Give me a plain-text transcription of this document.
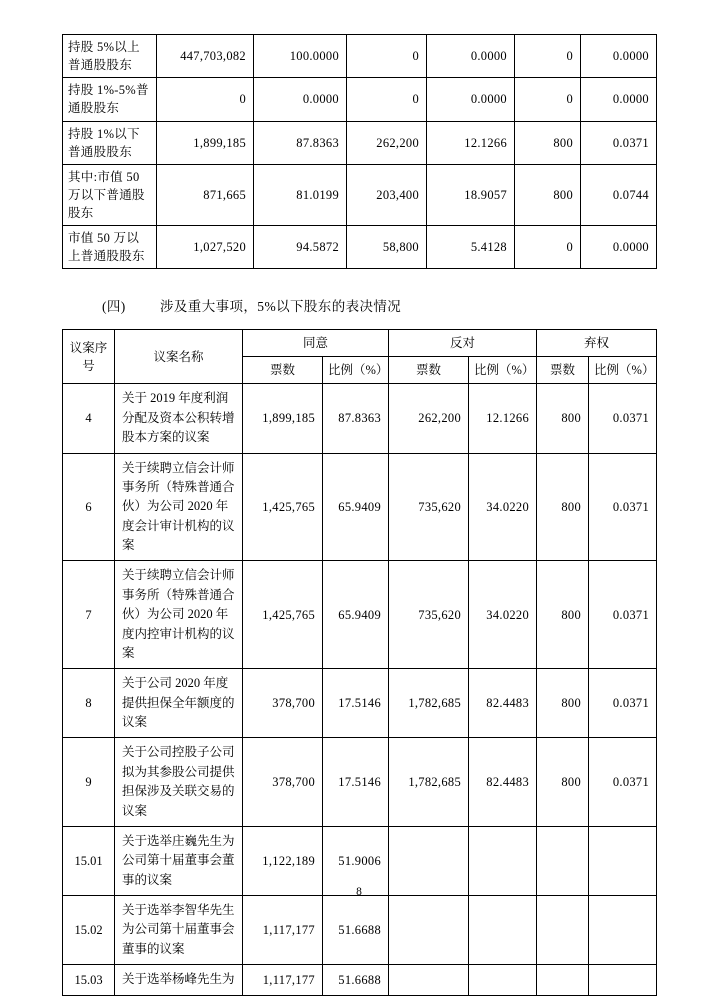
持股 5%以上普通股股东	447,703,082	100.0000	0	0.0000	0	0.0000
持股 1%-5%普通股股东	0	0.0000	0	0.0000	0	0.0000
持股 1%以下普通股股东	1,899,185	87.8363	262,200	12.1266	800	0.0371
其中:市值 50 万以下普通股股东	871,665	81.0199	203,400	18.9057	800	0.0744
市值 50 万以上普通股股东	1,027,520	94.5872	58,800	5.4128	0	0.0000
(四)	涉及重大事项，5%以下股东的表决情况
议案序号	议案名称	同意		反对		弃权	
		票数	比例（%）	票数	比例（%）	票数	比例（%）
4	关于 2019 年度利润分配及资本公积转增股本方案的议案	1,899,185	87.8363	262,200	12.1266	800	0.0371
6	关于续聘立信会计师事务所（特殊普通合伙）为公司 2020 年度会计审计机构的议案	1,425,765	65.9409	735,620	34.0220	800	0.0371
7	关于续聘立信会计师事务所（特殊普通合伙）为公司 2020 年度内控审计机构的议案	1,425,765	65.9409	735,620	34.0220	800	0.0371
8	关于公司 2020 年度提供担保全年额度的议案	378,700	17.5146	1,782,685	82.4483	800	0.0371
9	关于公司控股子公司拟为其参股公司提供担保涉及关联交易的议案	378,700	17.5146	1,782,685	82.4483	800	0.0371
15.01	关于选举庄巍先生为公司第十届董事会董事的议案	1,122,189	51.9006				
15.02	关于选举李智华先生为公司第十届董事会董事的议案	1,117,177	51.6688				
15.03	关于选举杨峰先生为	1,117,177	51.6688				
8
